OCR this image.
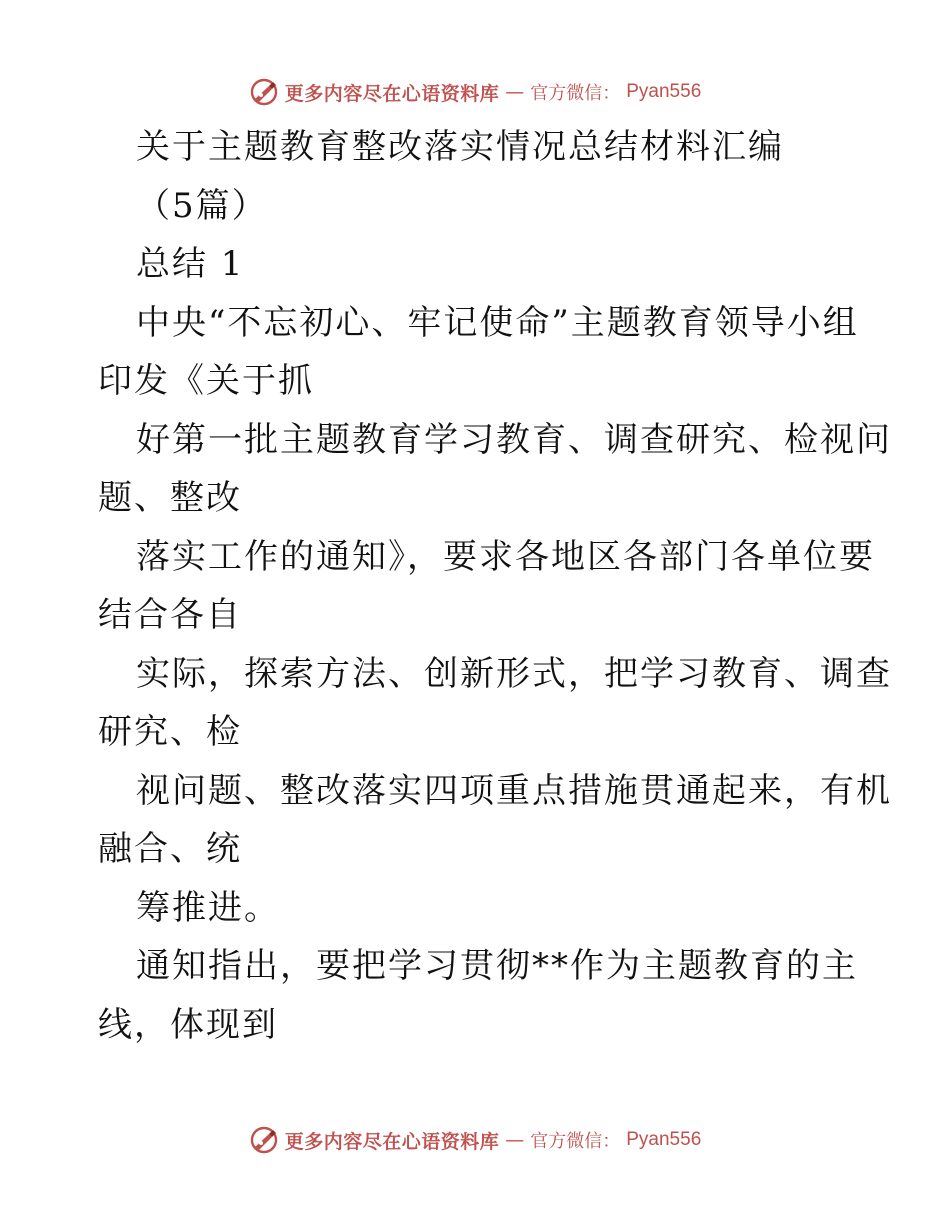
更多内容尽在心语资料库 — 官方微信： Pyan556
关于主题教育整改落实情况总结材料汇编
（5篇）
总结 1
中央“不忘初心、牢记使命”主题教育领导小组
印发《关于抓
好第一批主题教育学习教育、调查研究、检视问
题、整改
落实工作的通知》，要求各地区各部门各单位要
结合各自
实际，探索方法、创新形式，把学习教育、调查
研究、检
视问题、整改落实四项重点措施贯通起来，有机
融合、统
筹推进。
通知指出，要把学习贯彻**作为主题教育的主
线，体现到
更多内容尽在心语资料库 — 官方微信： Pyan556
